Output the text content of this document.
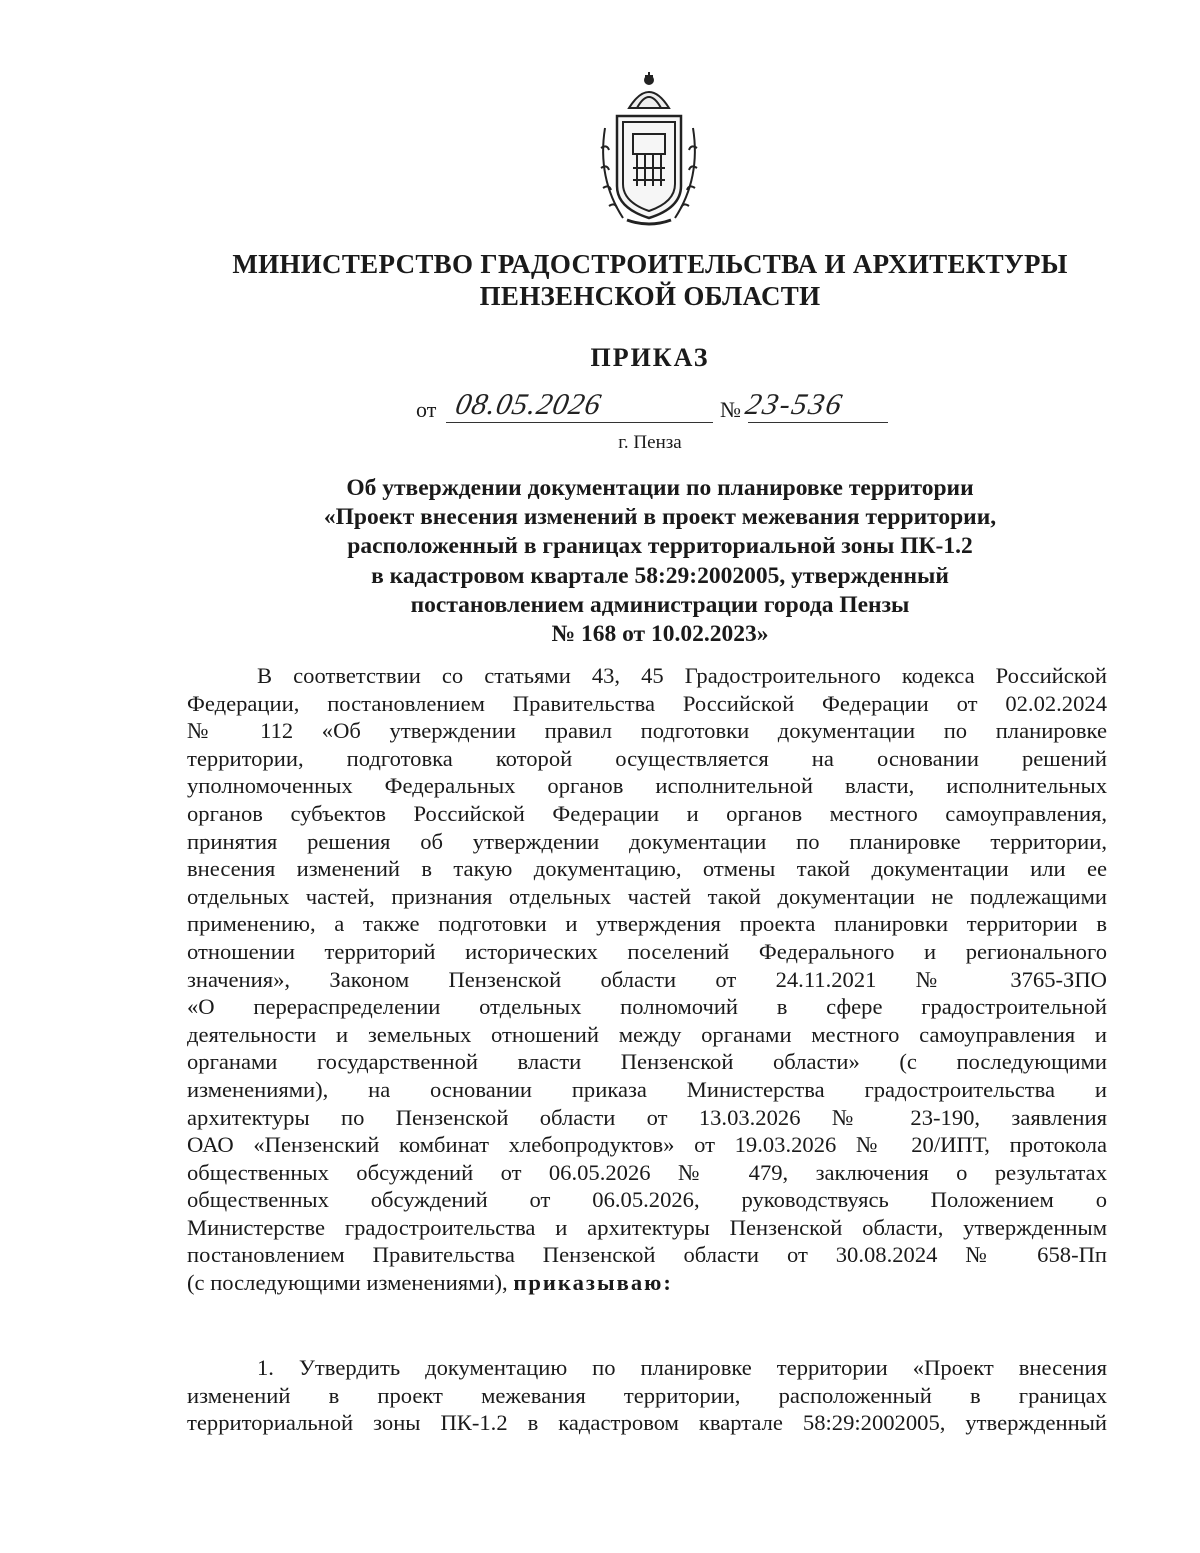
МИНИСТЕРСТВО ГРАДОСТРОИТЕЛЬСТВА И АРХИТЕКТУРЫ
ПЕНЗЕНСКОЙ ОБЛАСТИ
ПРИКАЗ
от 08.05.2026	№ 23-536
г. Пенза
Об утверждении документации по планировке территории
«Проект внесения изменений в проект межевания территории,
расположенный в границах территориальной зоны ПК-1.2
в кадастровом квартале 58:29:2002005, утвержденный
постановлением администрации города Пензы
№ 168 от 10.02.2023»
В соответствии со статьями 43, 45 Градостроительного кодекса Российской
Федерации, постановлением Правительства Российской Федерации от 02.02.2024
№ 112 «Об утверждении правил подготовки документации по планировке
территории, подготовка которой осуществляется на основании решений
уполномоченных Федеральных органов исполнительной власти, исполнительных
органов субъектов Российской Федерации и органов местного самоуправления,
принятия решения об утверждении документации по планировке территории,
внесения изменений в такую документацию, отмены такой документации или ее
отдельных частей, признания отдельных частей такой документации не подлежащими
применению, а также подготовки и утверждения проекта планировки территории в
отношении территорий исторических поселений Федерального и регионального
значения», Законом Пензенской области от 24.11.2021 № 3765-ЗПО
«О перераспределении отдельных полномочий в сфере градостроительной
деятельности и земельных отношений между органами местного самоуправления и
органами государственной власти Пензенской области» (с последующими
изменениями), на основании приказа Министерства градостроительства и
архитектуры по Пензенской области от 13.03.2026 № 23-190, заявления
ОАО «Пензенский комбинат хлебопродуктов» от 19.03.2026 № 20/ИПТ, протокола
общественных обсуждений от 06.05.2026 № 479, заключения о результатах
общественных обсуждений от 06.05.2026, руководствуясь Положением о
Министерстве градостроительства и архитектуры Пензенской области, утвержденным
постановлением Правительства Пензенской области от 30.08.2024 № 658-Пп
(с последующими изменениями), приказываю:
1. Утвердить документацию по планировке территории «Проект внесения
изменений в проект межевания территории, расположенный в границах
территориальной зоны ПК-1.2 в кадастровом квартале 58:29:2002005, утвержденный
